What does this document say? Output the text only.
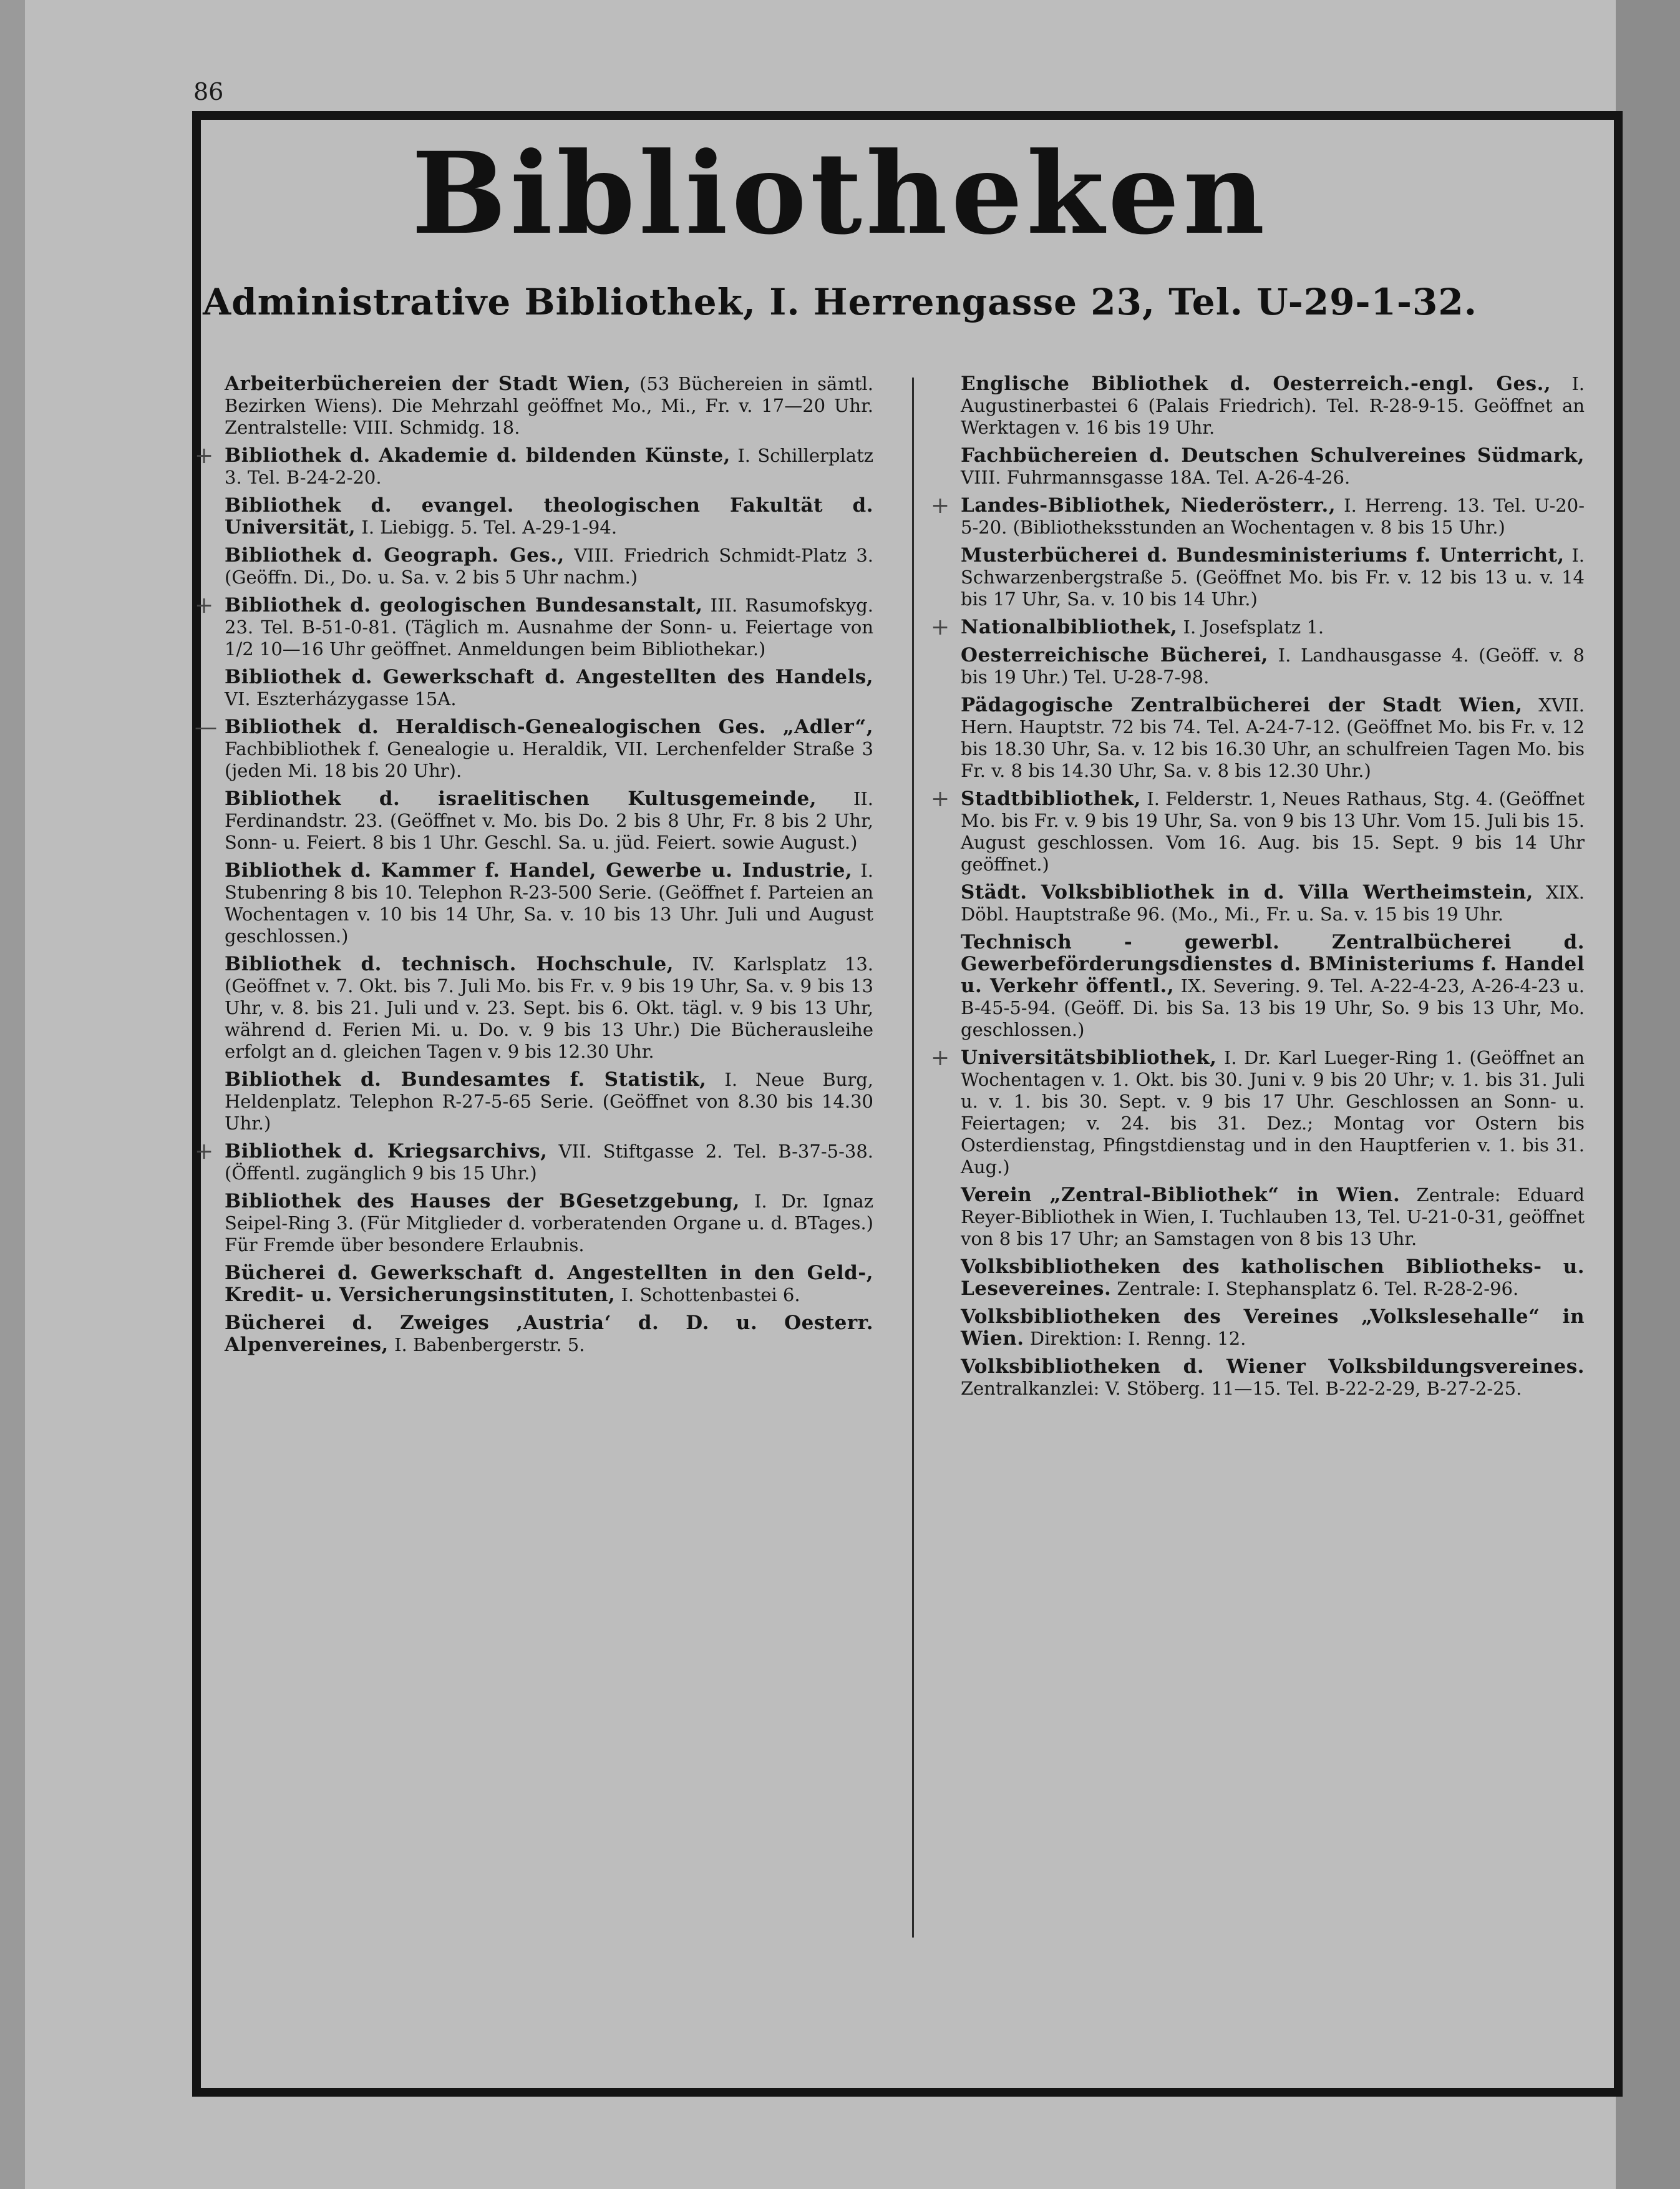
86
Bibliotheken
Administrative Bibliothek, I. Herrengasse 23, Tel. U-29-1-32.
Arbeiterbüchereien der Stadt Wien, (53 Büchereien in sämtl. Bezirken Wiens). Die Mehrzahl geöffnet Mo., Mi., Fr. v. 17—20 Uhr. Zentralstelle: VIII. Schmidg. 18.
+ Bibliothek d. Akademie d. bildenden Künste, I. Schillerplatz 3. Tel. B-24-2-20.
Bibliothek d. evangel. theologischen Fakultät d. Universität, I. Liebigg. 5. Tel. A-29-1-94.
Bibliothek d. Geograph. Ges., VIII. Friedrich Schmidt-Platz 3. (Geöffn. Di., Do. u. Sa. v. 2 bis 5 Uhr nachm.)
+ Bibliothek d. geologischen Bundesanstalt, III. Rasumofskyg. 23. Tel. B-51-0-81. (Täglich m. Ausnahme der Sonn- u. Feiertage von 1/2 10—16 Uhr geöffnet. Anmeldungen beim Bibliothekar.)
Bibliothek d. Gewerkschaft d. Angestellten des Handels, VI. Eszterházygasse 15A.
— Bibliothek d. Heraldisch-Genealogischen Ges. „Adler“, Fachbibliothek f. Genealogie u. Heraldik, VII. Lerchenfelder Straße 3 (jeden Mi. 18 bis 20 Uhr).
Bibliothek d. israelitischen Kultusgemeinde, II. Ferdinandstr. 23. (Geöffnet v. Mo. bis Do. 2 bis 8 Uhr, Fr. 8 bis 2 Uhr, Sonn- u. Feiert. 8 bis 1 Uhr. Geschl. Sa. u. jüd. Feiert. sowie August.)
Bibliothek d. Kammer f. Handel, Gewerbe u. Industrie, I. Stubenring 8 bis 10. Telephon R-23-500 Serie. (Geöffnet f. Parteien an Wochentagen v. 10 bis 14 Uhr, Sa. v. 10 bis 13 Uhr. Juli und August geschlossen.)
Bibliothek d. technisch. Hochschule, IV. Karlsplatz 13. (Geöffnet v. 7. Okt. bis 7. Juli Mo. bis Fr. v. 9 bis 19 Uhr, Sa. v. 9 bis 13 Uhr, v. 8. bis 21. Juli und v. 23. Sept. bis 6. Okt. tägl. v. 9 bis 13 Uhr, während d. Ferien Mi. u. Do. v. 9 bis 13 Uhr.) Die Bücherausleihe erfolgt an d. gleichen Tagen v. 9 bis 12.30 Uhr.
Bibliothek d. Bundesamtes f. Statistik, I. Neue Burg, Heldenplatz. Telephon R-27-5-65 Serie. (Geöffnet von 8.30 bis 14.30 Uhr.)
+ Bibliothek d. Kriegsarchivs, VII. Stiftgasse 2. Tel. B-37-5-38. (Öffentl. zugänglich 9 bis 15 Uhr.)
Bibliothek des Hauses der BGesetzgebung, I. Dr. Ignaz Seipel-Ring 3. (Für Mitglieder d. vorberatenden Organe u. d. BTages.) Für Fremde über besondere Erlaubnis.
Bücherei d. Gewerkschaft d. Angestellten in den Geld-, Kredit- u. Versicherungsinstituten, I. Schottenbastei 6.
Bücherei d. Zweiges ‚Austria‘ d. D. u. Oesterr. Alpenvereines, I. Babenbergerstr. 5.
Englische Bibliothek d. Oesterreich.-engl. Ges., I. Augustinerbastei 6 (Palais Friedrich). Tel. R-28-9-15. Geöffnet an Werktagen v. 16 bis 19 Uhr.
Fachbüchereien d. Deutschen Schulvereines Südmark, VIII. Fuhrmannsgasse 18A. Tel. A-26-4-26.
+ Landes-Bibliothek, Niederösterr., I. Herreng. 13. Tel. U-20-5-20. (Bibliotheksstunden an Wochentagen v. 8 bis 15 Uhr.)
Musterbücherei d. Bundesministeriums f. Unterricht, I. Schwarzenbergstraße 5. (Geöffnet Mo. bis Fr. v. 12 bis 13 u. v. 14 bis 17 Uhr, Sa. v. 10 bis 14 Uhr.)
+ Nationalbibliothek, I. Josefsplatz 1.
Oesterreichische Bücherei, I. Landhausgasse 4. (Geöff. v. 8 bis 19 Uhr.) Tel. U-28-7-98.
Pädagogische Zentralbücherei der Stadt Wien, XVII. Hern. Hauptstr. 72 bis 74. Tel. A-24-7-12. (Geöffnet Mo. bis Fr. v. 12 bis 18.30 Uhr, Sa. v. 12 bis 16.30 Uhr, an schulfreien Tagen Mo. bis Fr. v. 8 bis 14.30 Uhr, Sa. v. 8 bis 12.30 Uhr.)
+ Stadtbibliothek, I. Felderstr. 1, Neues Rathaus, Stg. 4. (Geöffnet Mo. bis Fr. v. 9 bis 19 Uhr, Sa. von 9 bis 13 Uhr. Vom 15. Juli bis 15. August geschlossen. Vom 16. Aug. bis 15. Sept. 9 bis 14 Uhr geöffnet.)
Städt. Volksbibliothek in d. Villa Wertheimstein, XIX. Döbl. Hauptstraße 96. (Mo., Mi., Fr. u. Sa. v. 15 bis 19 Uhr.
Technisch - gewerbl. Zentralbücherei d. Gewerbeförderungsdienstes d. BMinisteriums f. Handel u. Verkehr öffentl., IX. Severing. 9. Tel. A-22-4-23, A-26-4-23 u. B-45-5-94. (Geöff. Di. bis Sa. 13 bis 19 Uhr, So. 9 bis 13 Uhr, Mo. geschlossen.)
+ Universitätsbibliothek, I. Dr. Karl Lueger-Ring 1. (Geöffnet an Wochentagen v. 1. Okt. bis 30. Juni v. 9 bis 20 Uhr; v. 1. bis 31. Juli u. v. 1. bis 30. Sept. v. 9 bis 17 Uhr. Geschlossen an Sonn- u. Feiertagen; v. 24. bis 31. Dez.; Montag vor Ostern bis Osterdienstag, Pfingstdienstag und in den Hauptferien v. 1. bis 31. Aug.)
Verein „Zentral-Bibliothek“ in Wien. Zentrale: Eduard Reyer-Bibliothek in Wien, I. Tuchlauben 13, Tel. U-21-0-31, geöffnet von 8 bis 17 Uhr; an Samstagen von 8 bis 13 Uhr.
Volksbibliotheken des katholischen Bibliotheks- u. Lesevereines. Zentrale: I. Stephansplatz 6. Tel. R-28-2-96.
Volksbibliotheken des Vereines „Volkslesehalle“ in Wien. Direktion: I. Renng. 12.
Volksbibliotheken d. Wiener Volksbildungsvereines. Zentralkanzlei: V. Stöberg. 11—15. Tel. B-22-2-29, B-27-2-25.
